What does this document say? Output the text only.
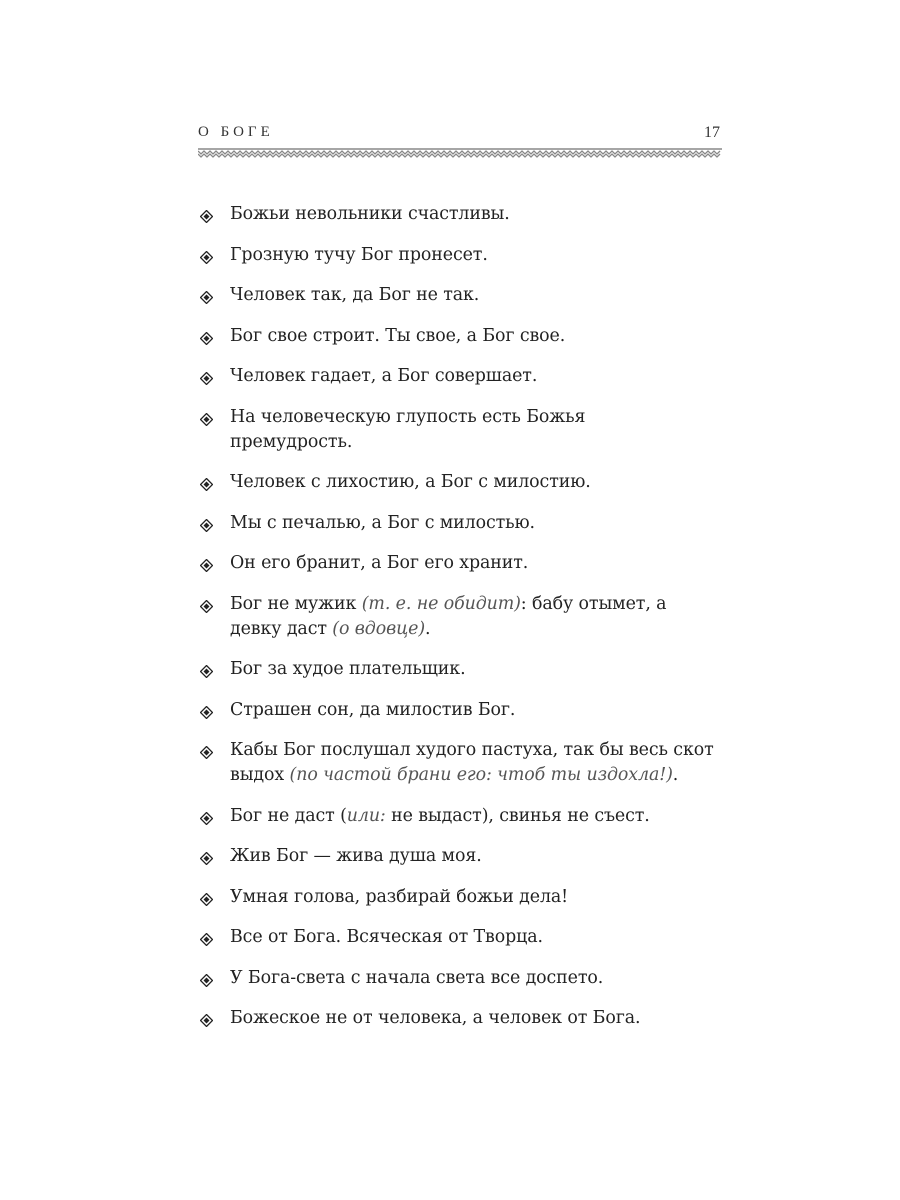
О БОГЕ	17
Божьи невольники счастливы.
Грозную тучу Бог пронесет.
Человек так, да Бог не так.
Бог свое строит. Ты свое, а Бог свое.
Человек гадает, а Бог совершает.
На человеческую глупость есть Божья премудрость.
Человек с лихостию, а Бог с милостию.
Мы с печалью, а Бог с милостью.
Он его бранит, а Бог его хранит.
Бог не мужик (т. е. не обидит): бабу отымет, а девку даст (о вдовце).
Бог за худое плательщик.
Страшен сон, да милостив Бог.
Кабы Бог послушал худого пастуха, так бы весь скот выдох (по частой брани его: чтоб ты издохла!).
Бог не даст (или: не выдаст), свинья не съест.
Жив Бог — жива душа моя.
Умная голова, разбирай божьи дела!
Все от Бога. Всяческая от Творца.
У Бога-света с начала света все доспето.
Божеское не от человека, а человек от Бога.
